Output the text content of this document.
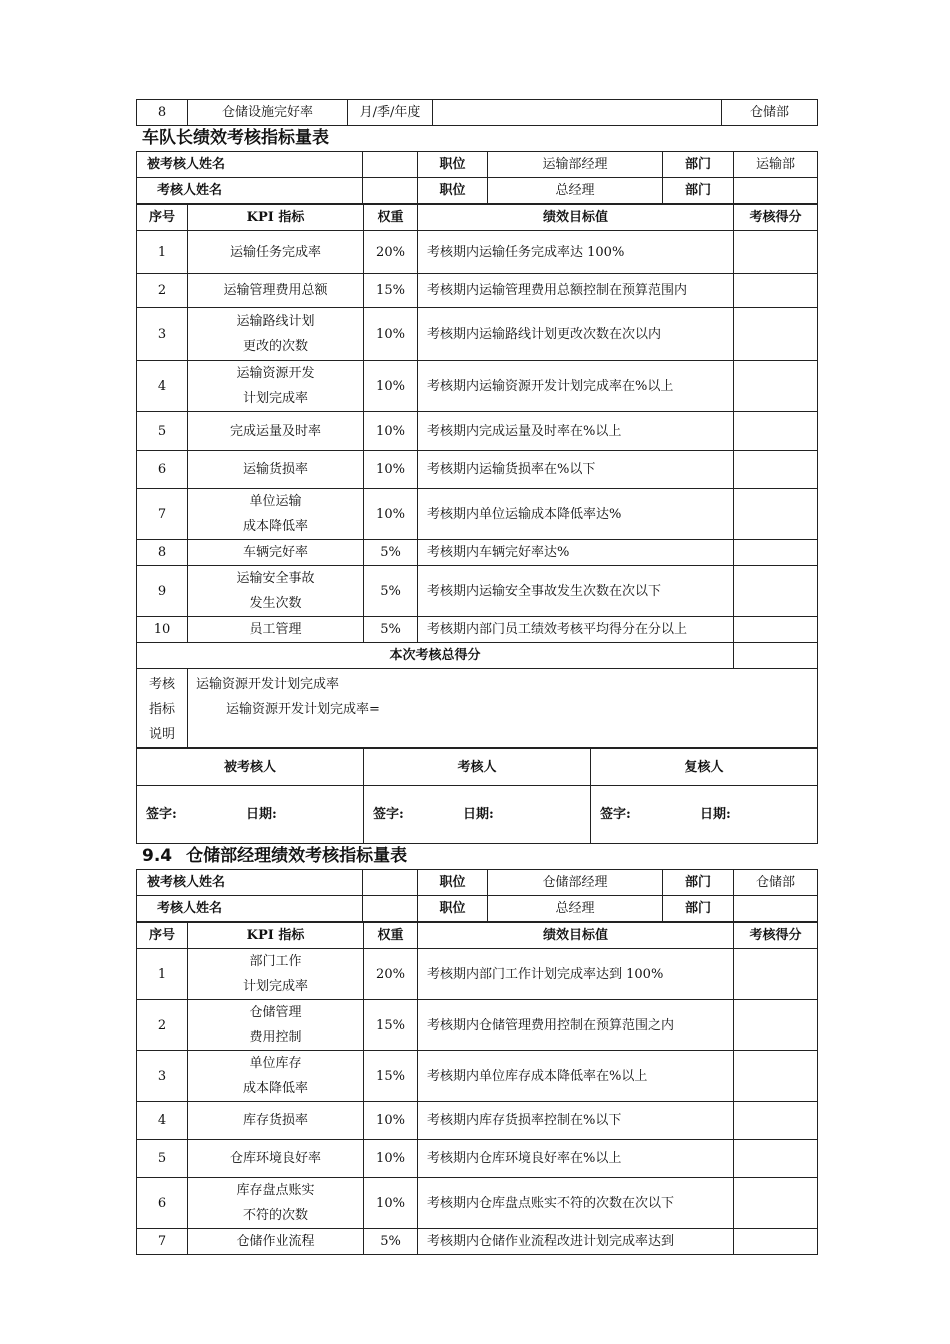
8	仓储设施完好率	月/季/年度		仓储部
车队长绩效考核指标量表
被考核人姓名		职位	运输部经理	部门	运输部
考核人姓名		职位	总经理	部门	
序号	KPI 指标	权重	绩效目标值	考核得分
1	运输任务完成率	20%	考核期内运输任务完成率达 100%	
2	运输管理费用总额	15%	考核期内运输管理费用总额控制在预算范围内	
3	运输路线计划
更改的次数	10%	考核期内运输路线计划更改次数在次以内	
4	运输资源开发
计划完成率	10%	考核期内运输资源开发计划完成率在%以上	
5	完成运量及时率	10%	考核期内完成运量及时率在%以上	
6	运输货损率	10%	考核期内运输货损率在%以下	
7	单位运输
成本降低率	10%	考核期内单位运输成本降低率达%	
8	车辆完好率	5%	考核期内车辆完好率达%	
9	运输安全事故
发生次数	5%	考核期内运输安全事故发生次数在次以下	
10	员工管理	5%	考核期内部门员工绩效考核平均得分在分以上	
本次考核总得分				

考核
指标
说明	运输资源开发计划完成率
运输资源开发计划完成率=			
被考核人	考核人	复核人
签字: 日期:	签字: 日期:	签字: 日期:
9.4 仓储部经理绩效考核指标量表
被考核人姓名		职位	仓储部经理	部门	仓储部
考核人姓名		职位	总经理	部门	
序号	KPI 指标	权重	绩效目标值	考核得分
1	部门工作
计划完成率	20%	考核期内部门工作计划完成率达到 100%	
2	仓储管理
费用控制	15%	考核期内仓储管理费用控制在预算范围之内	
3	单位库存
成本降低率	15%	考核期内单位库存成本降低率在%以上	
4	库存货损率	10%	考核期内库存货损率控制在%以下	
5	仓库环境良好率	10%	考核期内仓库环境良好率在%以上	
6	库存盘点账实
不符的次数	10%	考核期内仓库盘点账实不符的次数在次以下	
7	仓储作业流程	5%	考核期内仓储作业流程改进计划完成率达到	
